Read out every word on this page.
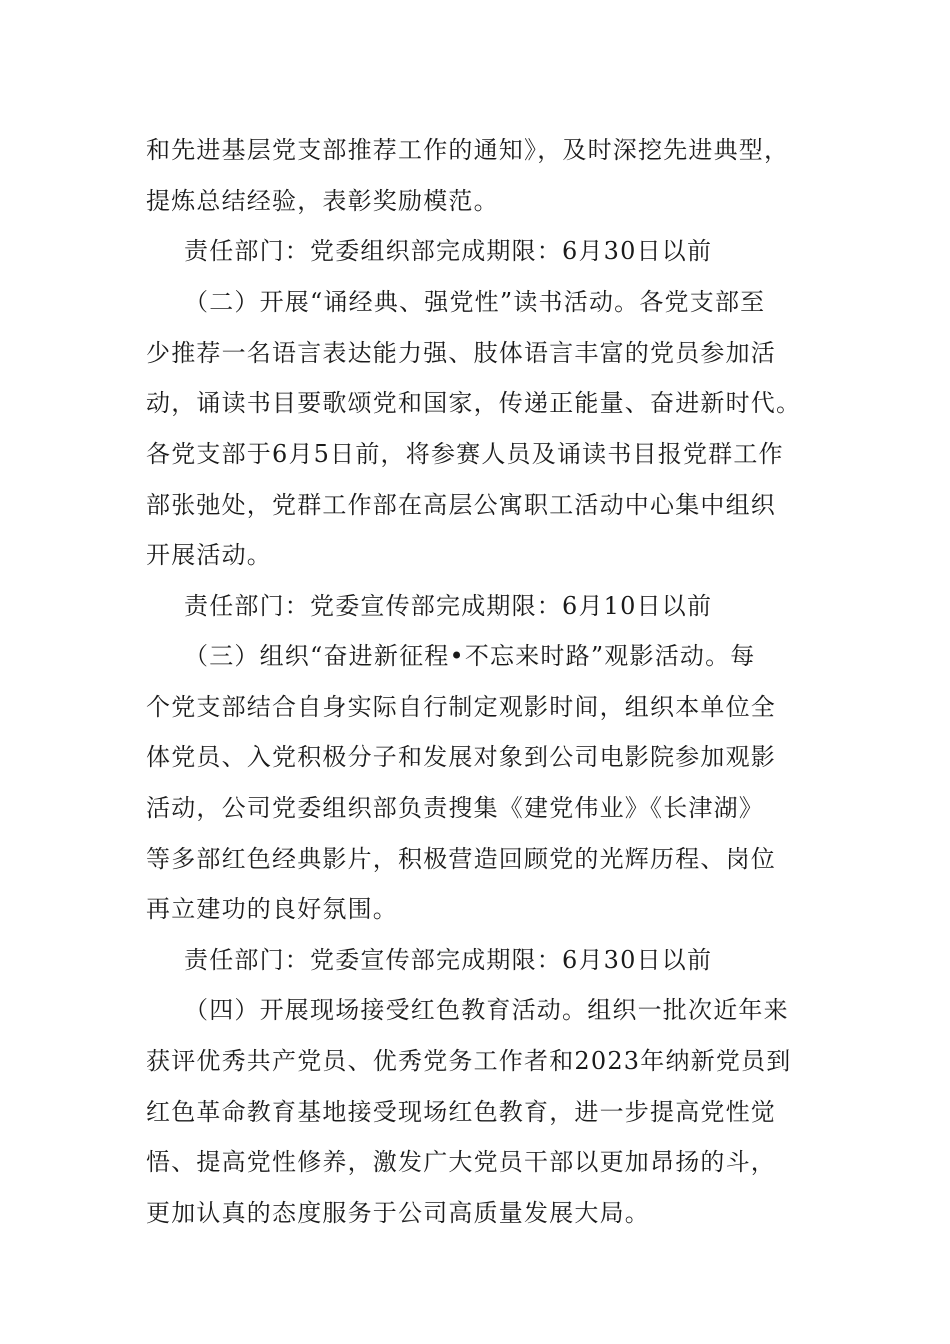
和先进基层党支部推荐工作的通知》，及时深挖先进典型，
提炼总结经验，表彰奖励模范。
责任部门：党委组织部完成期限：6月30日以前
（二）开展“诵经典、强党性”读书活动。各党支部至
少推荐一名语言表达能力强、肢体语言丰富的党员参加活
动，诵读书目要歌颂党和国家，传递正能量、奋进新时代。
各党支部于6月5日前，将参赛人员及诵读书目报党群工作
部张弛处，党群工作部在高层公寓职工活动中心集中组织
开展活动。
责任部门：党委宣传部完成期限：6月10日以前
（三）组织“奋进新征程•不忘来时路”观影活动。每
个党支部结合自身实际自行制定观影时间，组织本单位全
体党员、入党积极分子和发展对象到公司电影院参加观影
活动，公司党委组织部负责搜集《建党伟业》《长津湖》
等多部红色经典影片，积极营造回顾党的光辉历程、岗位
再立建功的良好氛围。
责任部门：党委宣传部完成期限：6月30日以前
（四）开展现场接受红色教育活动。组织一批次近年来
获评优秀共产党员、优秀党务工作者和2023年纳新党员到
红色革命教育基地接受现场红色教育，进一步提高党性觉
悟、提高党性修养，激发广大党员干部以更加昂扬的斗，
更加认真的态度服务于公司高质量发展大局。
